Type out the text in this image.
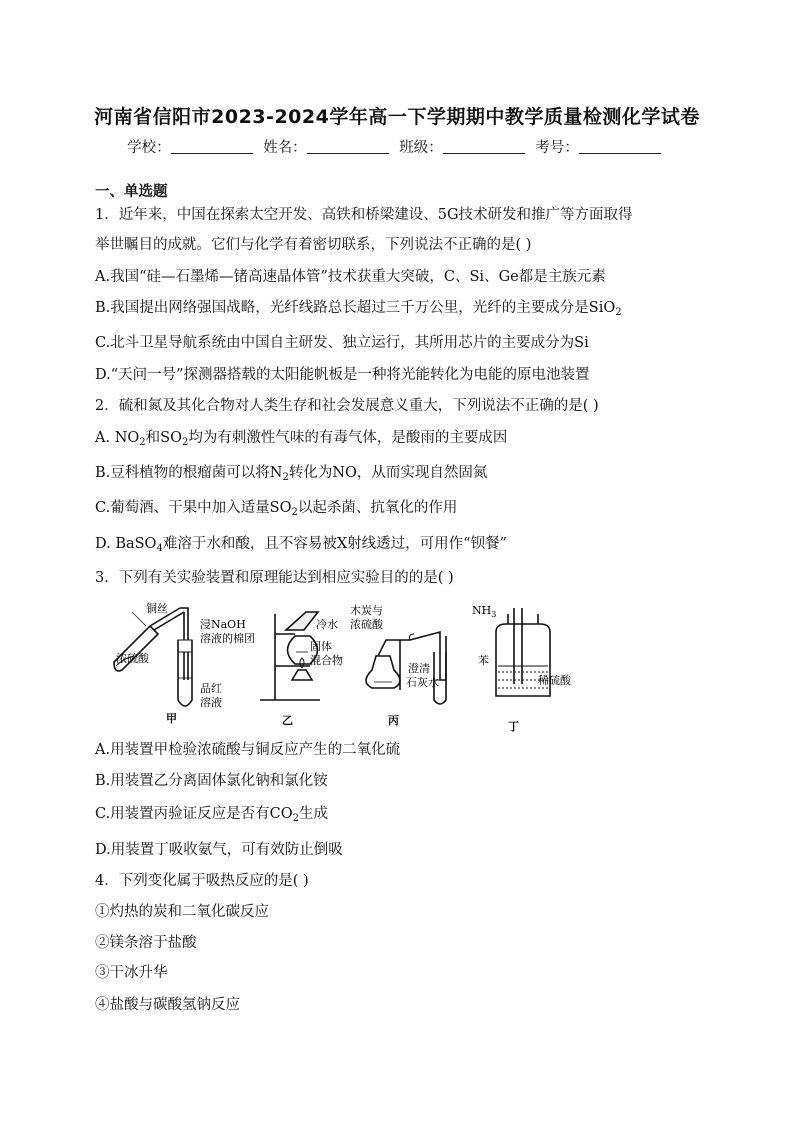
河南省信阳市2023-2024学年高一下学期期中教学质量检测化学试卷
学校：	姓名：	班级：	考号：
一、单选题
1．近年来，中国在探索太空开发、高铁和桥梁建设、5G技术研发和推广等方面取得
举世瞩目的成就。它们与化学有着密切联系，下列说法不正确的是( )
A.我国“硅—石墨烯—锗高速晶体管”技术获重大突破，C、Si、Ge都是主族元素
B.我国提出网络强国战略，光纤线路总长超过三千万公里，光纤的主要成分是SiO$_2$
C.北斗卫星导航系统由中国自主研发、独立运行，其所用芯片的主要成分为Si
D.“天问一号”探测器搭载的太阳能帆板是一种将光能转化为电能的原电池装置
2．硫和氮及其化合物对人类生存和社会发展意义重大，下列说法不正确的是( )
A. $NO_2$和$SO_2$均为有刺激性气味的有毒气体，是酸雨的主要成因
B.豆科植物的根瘤菌可以将$N_2$转化为NO，从而实现自然固氮
C.葡萄酒、干果中加入适量$SO_2$以起杀菌、抗氧化的作用
D. BaSO$_4$难溶于水和酸，且不容易被X射线透过，可用作“钡餐”
3．下列有关实验装置和原理能达到相应实验目的的是( )
铜丝
浓硫酸
浸NaOH
溶液的棉团
品红
溶液
甲
冷水
固体
混合物
乙
木炭与
浓硫酸
澄清
石灰水
丙
$NH_3$
苯
稀硫酸
丁
A.用装置甲检验浓硫酸与铜反应产生的二氧化硫
B.用装置乙分离固体氯化钠和氯化铵
C.用装置丙验证反应是否有$CO_2$生成
D.用装置丁吸收氨气，可有效防止倒吸
4．下列变化属于吸热反应的是( )
①灼热的炭和二氧化碳反应
②镁条溶于盐酸
③干冰升华
④盐酸与碳酸氢钠反应
